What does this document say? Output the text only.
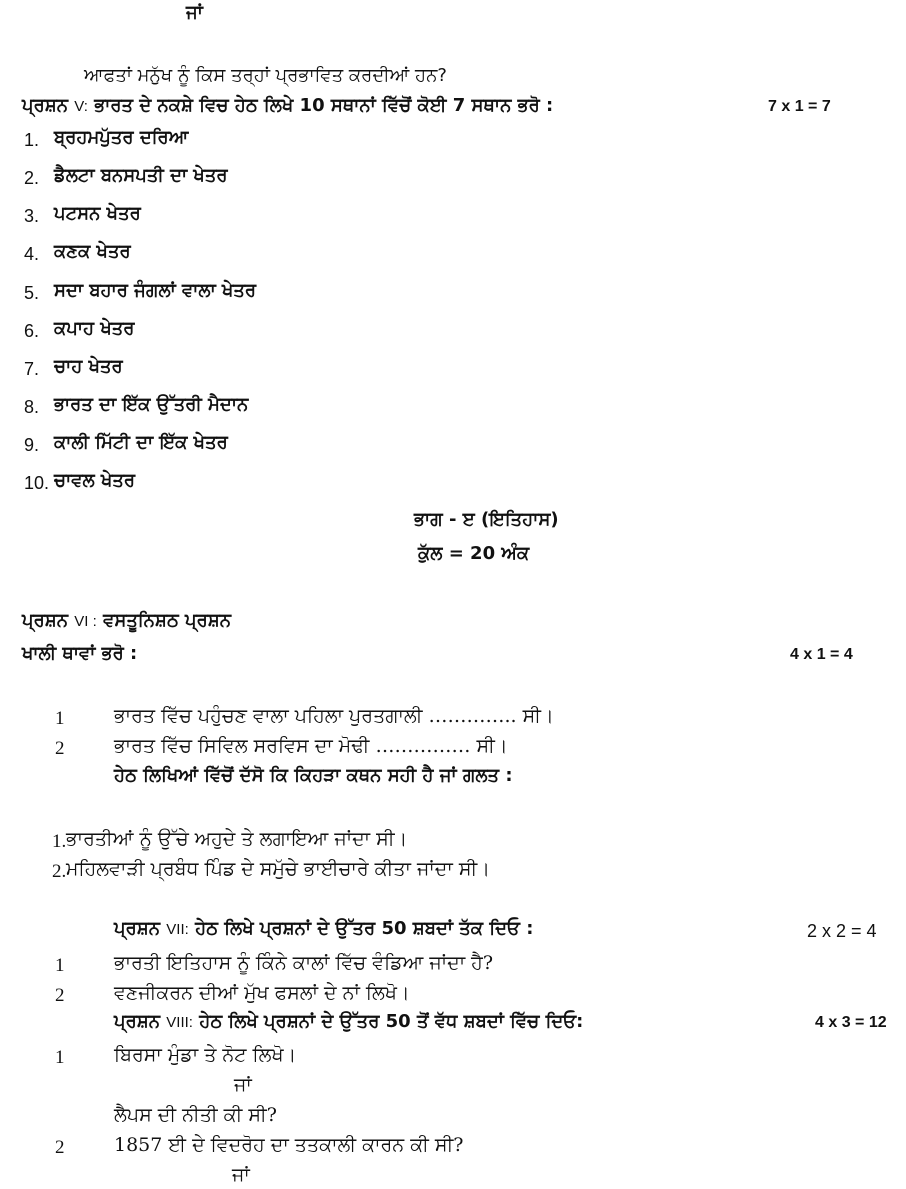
ਜਾਂ
ਆਫਤਾਂ ਮਨੁੱਖ ਨੂੰ ਕਿਸ ਤਰ੍ਹਾਂ ਪ੍ਰਭਾਵਿਤ ਕਰਦੀਆਂ ਹਨ?
ਪ੍ਰਸ਼ਨ V: ਭਾਰਤ ਦੇ ਨਕਸ਼ੇ ਵਿਚ ਹੇਠ ਲਿਖੇ 10 ਸਥਾਨਾਂ ਵਿੱਚੋਂ ਕੋਈ 7 ਸਥਾਨ ਭਰੋ :	7 x 1 = 7
1. ਬ੍ਰਹਮਪੁੱਤਰ ਦਰਿਆ
2. ਡੈਲਟਾ ਬਨਸਪਤੀ ਦਾ ਖੇਤਰ
3. ਪਟਸਨ ਖੇਤਰ
4. ਕਣਕ ਖੇਤਰ
5. ਸਦਾ ਬਹਾਰ ਜੰਗਲਾਂ ਵਾਲਾ ਖੇਤਰ
6. ਕਪਾਹ ਖੇਤਰ
7. ਚਾਹ ਖੇਤਰ
8. ਭਾਰਤ ਦਾ ਇੱਕ ਉੱਤਰੀ ਮੈਦਾਨ
9. ਕਾਲੀ ਮਿੱਟੀ ਦਾ ਇੱਕ ਖੇਤਰ
10. ਚਾਵਲ ਖੇਤਰ
ਭਾਗ - ੲ (ਇਤਿਹਾਸ)
ਕੁੱਲ = 20 ਅੰਕ
ਪ੍ਰਸ਼ਨ VI : ਵਸਤੂਨਿਸ਼ਠ ਪ੍ਰਸ਼ਨ
ਖਾਲੀ ਥਾਵਾਂ ਭਰੋ :	4 x 1 = 4
1	ਭਾਰਤ ਵਿੱਚ ਪਹੁੰਚਣ ਵਾਲਾ ਪਹਿਲਾ ਪੁਰਤਗਾਲੀ ………….. ਸੀ।
2	ਭਾਰਤ ਵਿੱਚ ਸਿਵਿਲ ਸਰਵਿਸ ਦਾ ਮੋਢੀ …………… ਸੀ।
ਹੇਠ ਲਿਖਿਆਂ ਵਿੱਚੋਂ ਦੱਸੋ ਕਿ ਕਿਹੜਾ ਕਥਨ ਸਹੀ ਹੈ ਜਾਂ ਗਲਤ :
1. ਭਾਰਤੀਆਂ ਨੂੰ ਉੱਚੇ ਅਹੁਦੇ ਤੇ ਲਗਾਇਆ ਜਾਂਦਾ ਸੀ।
2. ਮਹਿਲਵਾੜੀ ਪ੍ਰਬੰਧ ਪਿੰਡ ਦੇ ਸਮੁੱਚੇ ਭਾਈਚਾਰੇ ਕੀਤਾ ਜਾਂਦਾ ਸੀ।
ਪ੍ਰਸ਼ਨ VII: ਹੇਠ ਲਿਖੇ ਪ੍ਰਸ਼ਨਾਂ ਦੇ ਉੱਤਰ 50 ਸ਼ਬਦਾਂ ਤੱਕ ਦਿਓ :	2 x 2 = 4
1	ਭਾਰਤੀ ਇਤਿਹਾਸ ਨੂੰ ਕਿੰਨੇ ਕਾਲਾਂ ਵਿੱਚ ਵੰਡਿਆ ਜਾਂਦਾ ਹੈ?
2	ਵਣਜੀਕਰਨ ਦੀਆਂ ਮੁੱਖ ਫਸਲਾਂ ਦੇ ਨਾਂ ਲਿਖੋ।
ਪ੍ਰਸ਼ਨ VIII: ਹੇਠ ਲਿਖੇ ਪ੍ਰਸ਼ਨਾਂ ਦੇ ਉੱਤਰ 50 ਤੋਂ ਵੱਧ ਸ਼ਬਦਾਂ ਵਿੱਚ ਦਿਓ:	4 x 3 = 12
1	ਬਿਰਸਾ ਮੁੰਡਾ ਤੇ ਨੋਟ ਲਿਖੋ।
ਜਾਂ
ਲੈਪਸ ਦੀ ਨੀਤੀ ਕੀ ਸੀ?
2	1857 ਈ ਦੇ ਵਿਦਰੋਹ ਦਾ ਤਤਕਾਲੀ ਕਾਰਨ ਕੀ ਸੀ?
ਜਾਂ
